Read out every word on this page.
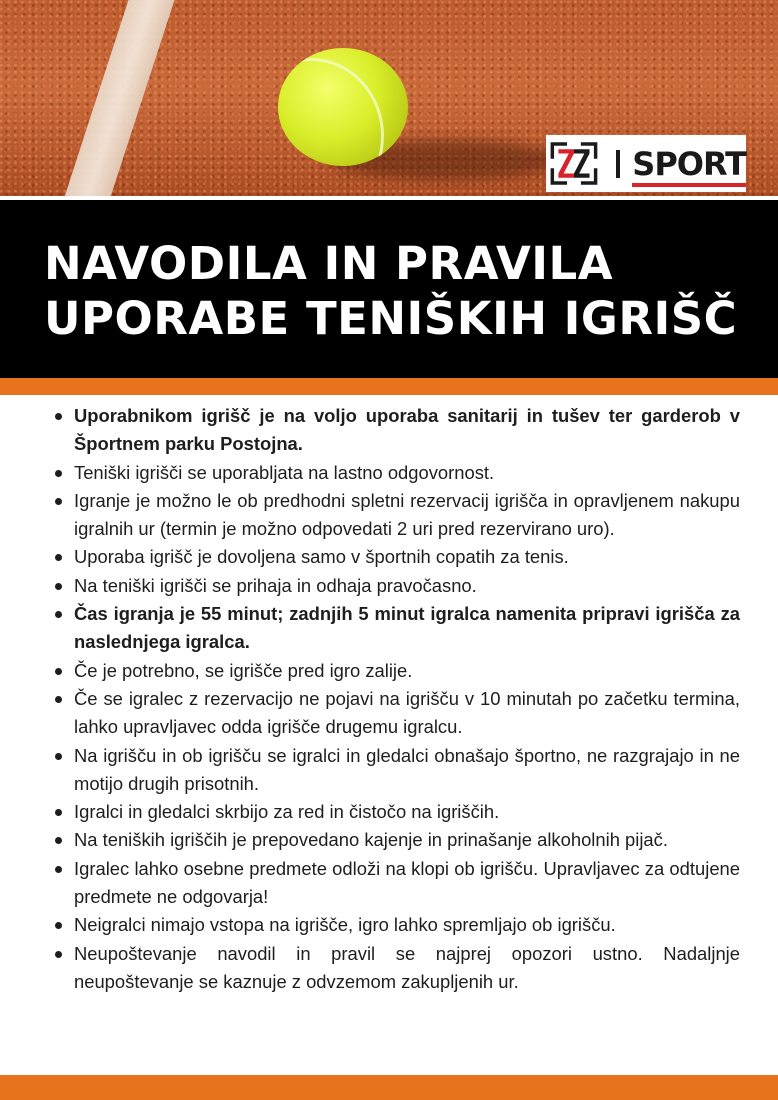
SPORT
NAVODILA IN PRAVILA
UPORABE TENIŠKIH IGRIŠČ
Uporabnikom igrišč je na voljo uporaba sanitarij in tušev ter garderob v Športnem parku Postojna.
Teniški igrišči se uporabljata na lastno odgovornost.
Igranje je možno le ob predhodni spletni rezervacij igrišča in opravljenem nakupu igralnih ur (termin je možno odpovedati 2 uri pred rezervirano uro).
Uporaba igrišč je dovoljena samo v športnih copatih za tenis.
Na teniški igrišči se prihaja in odhaja pravočasno.
Čas igranja je 55 minut; zadnjih 5 minut igralca namenita pripravi igrišča za naslednjega igralca.
Če je potrebno, se igrišče pred igro zalije.
Če se igralec z rezervacijo ne pojavi na igrišču v 10 minutah po začetku termina, lahko upravljavec odda igrišče drugemu igralcu.
Na igrišču in ob igrišču se igralci in gledalci obnašajo športno, ne razgrajajo in ne motijo drugih prisotnih.
Igralci in gledalci skrbijo za red in čistočo na igriščih.
Na teniških igriščih je prepovedano kajenje in prinašanje alkoholnih pijač.
Igralec lahko osebne predmete odloži na klopi ob igrišču. Upravljavec za odtujene predmete ne odgovarja!
Neigralci nimajo vstopa na igrišče, igro lahko spremljajo ob igrišču.
Neupoštevanje navodil in pravil se najprej opozori ustno. Nadaljnje neupoštevanje se kaznuje z odvzemom zakupljenih ur.
